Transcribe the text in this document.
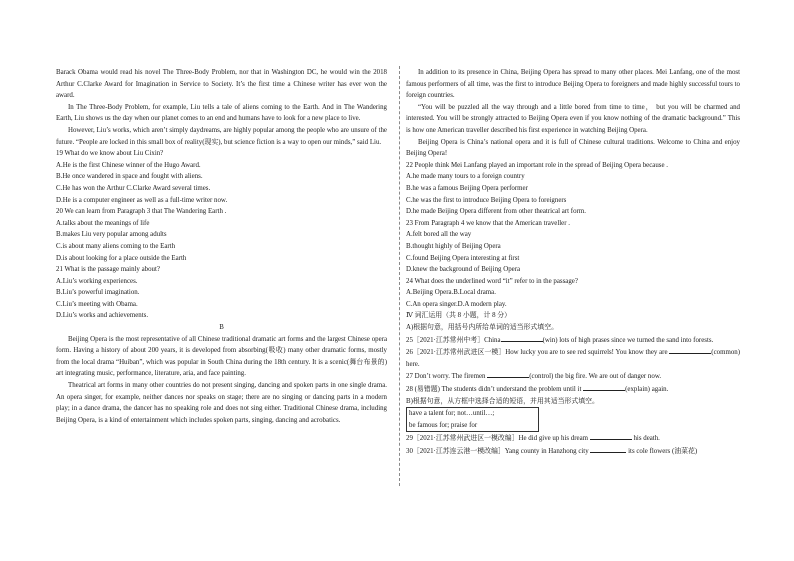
Barack Obama would read his novel The Three-Body Problem, nor that in Washington DC, he would win the 2018 Arthur C.Clarke Award for Imagination in Service to Society. It’s the first time a Chinese writer has ever won the award.

In The Three-Body Problem, for example, Liu tells a tale of aliens coming to the Earth. And in The Wandering Earth, Liu shows us the day when our planet comes to an end and humans have to look for a new place to live.

However, Liu’s works, which aren’t simply daydreams, are highly popular among the people who are unsure of the future. “People are locked in this small box of reality(现实), but science fiction is a way to open our minds,” said Liu.

19 What do we know about Liu Cixin?

A.He is the first Chinese winner of the Hugo Award.

B.He once wandered in space and fought with aliens.

C.He has won the Arthur C.Clarke Award several times.

D.He is a computer engineer as well as a full-time writer now.

20 We can learn from Paragraph 3 that The Wandering Earth .

A.talks about the meanings of life

B.makes Liu very popular among adults

C.is about many aliens coming to the Earth

D.is about looking for a place outside the Earth

21 What is the passage mainly about?

A.Liu’s working experiences.

B.Liu’s powerful imagination.

C.Liu’s meeting with Obama.

D.Liu’s works and achievements.

B

Beijing Opera is the most representative of all Chinese traditional dramatic art forms and the largest Chinese opera form. Having a history of about 200 years, it is developed from absorbing(吸收) many other dramatic forms, mostly from the local drama “Huiban”, which was popular in South China during the 18th century. It is a scenic(舞台布景的) art integrating music, performance, literature, aria, and face painting.

Theatrical art forms in many other countries do not present singing, dancing and spoken parts in one single drama. An opera singer, for example, neither dances nor speaks on stage; there are no singing or dancing parts in a modern play; in a dance drama, the dancer has no speaking role and does not sing either. Traditional Chinese drama, including Beijing Opera, is a kind of entertainment which includes spoken parts, singing, dancing and acrobatics.

In addition to its presence in China, Beijing Opera has spread to many other places. Mei Lanfang, one of the most famous performers of all time, was the first to introduce Beijing Opera to foreigners and made highly successful tours to foreign countries.

“You will be puzzled all the way through and a little bored from time to time， but you will be charmed and interested. You will be strongly attracted to Beijing Opera even if you know nothing of the dramatic background.” This is how one American traveller described his first experience in watching Beijing Opera.

Beijing Opera is China’s national opera and it is full of Chinese cultural traditions. Welcome to China and enjoy Beijing Opera!

22 People think Mei Lanfang played an important role in the spread of Beijing Opera because .

A.he made many tours to a foreign country

B.he was a famous Beijing Opera performer

C.he was the first to introduce Beijing Opera to foreigners

D.he made Beijing Opera different from other theatrical art form.

23 From Paragraph 4 we know that the American traveller .

A.felt bored all the way

B.thought highly of Beijing Opera

C.found Beijing Opera interesting at first

D.knew the background of Beijing Opera

24 What does the underlined word “it” refer to in the passage?

A.Beijing Opera.B.Local drama.

C.An opera singer.D.A modern play.

Ⅳ 词汇运用（共 8 小题，计 8 分）

A)根据句意，用括号内所给单词的适当形式填空。

25［2021·江苏常州中考］China	(win) lots of high prases since we turned the sand into forests.

26［2021·江苏常州武进区一模］How lucky you are to see red squirrels! You know they are	(common) here.

27 Don’t worry. The firemen	(control) the big fire. We are out of danger now.

28 (易错题) The students didn’t understand the problem until it	(explain) again.

B)根据句意，从方框中选择合适的短语，并用其适当形式填空。

have a talent for; not…until…;

be famous for; praise for

29［2021·江苏常州武进区一模改编］He did give up his dream	his death.

30［2021·江苏连云港一模改编］Yang county in Hanzhong city	its cole flowers (油菜花)
